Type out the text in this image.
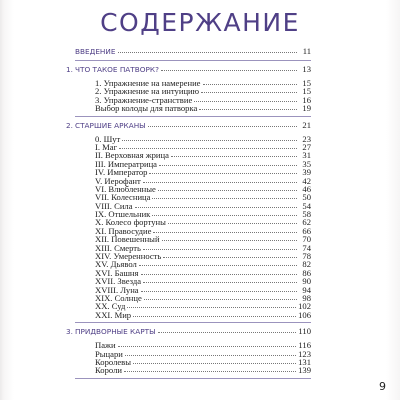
СОДЕРЖАНИЕ
ВВЕДЕНИЕ	11
1. ЧТО ТАКОЕ ПАТВОРК?	13
1. Упражнение на намерение	15
2. Упражнение на интуицию	15
3. Упражнение-странствие	16
Выбор колоды для патворка	19
2. СТАРШИЕ АРКАНЫ	21
0. Шут	23
I. Маг	27
II. Верховная жрица	31
III. Императрица	35
IV. Император	39
V. Иерофант	42
VI. Влюбленные	46
VII. Колесница	50
VIII. Сила	54
IX. Отшельник	58
X. Колесо фортуны	62
XI. Правосудие	66
XII. Повешенный	70
XIII. Смерть	74
XIV. Умеренность	78
XV. Дьявол	82
XVI. Башня	86
XVII. Звезда	90
XVIII. Луна	94
XIX. Солнце	98
XX. Суд	102
XXI. Мир	106
3. ПРИДВОРНЫЕ КАРТЫ	110
Пажи	116
Рыцари	123
Королевы	131
Короли	139
9
